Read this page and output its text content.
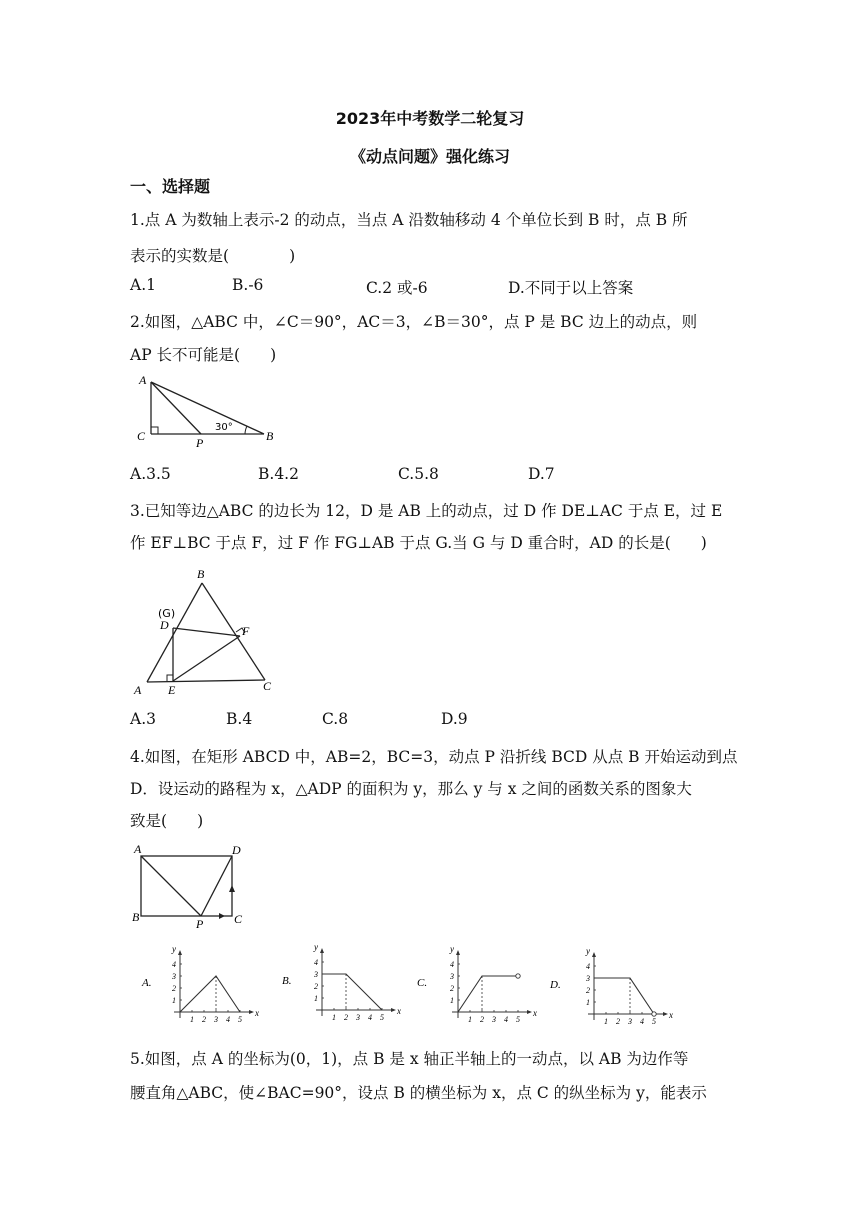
2023年中考数学二轮复习
《动点问题》强化练习
一、选择题
1.点 A 为数轴上表示-2 的动点，当点 A 沿数轴移动 4 个单位长到 B 时，点 B 所
表示的实数是(	)
A.1	B.-6	C.2 或-6	D.不同于以上答案
2.如图，△ABC 中，∠C＝90°，AC＝3，∠B＝30°，点 P 是 BC 边上的动点，则
AP 长不可能是( )
A
C	P	B
30°
A.3.5	B.4.2	C.5.8	D.7
3.已知等边△ABC 的边长为 12，D 是 AB 上的动点，过 D 作 DE⊥AC 于点 E，过 E
作 EF⊥BC 于点 F，过 F 作 FG⊥AB 于点 G.当 G 与 D 重合时，AD 的长是( )
B
(G)
D	F
A E	C
A.3	B.4	C.8	D.9
4.如图，在矩形 ABCD 中，AB=2，BC=3，动点 P 沿折线 BCD 从点 B 开始运动到点
D．设运动的路程为 x，△ADP 的面积为 y，那么 y 与 x 之间的函数关系的图象大
致是( )
A	D
B	P	C
A.
x
y
1 2 3 4 5
1
2
3
4
B.
x
y
1 2 3 4 5
1
2
3
4
C.
x
y
1 2 3 4 5
1
2
3
4
D.
x
y
1 2 3 4 5
1
2
3
4
5.如图，点 A 的坐标为(0，1)，点 B 是 x 轴正半轴上的一动点，以 AB 为边作等
腰直角△ABC，使∠BAC=90°，设点 B 的横坐标为 x，点 C 的纵坐标为 y，能表示
